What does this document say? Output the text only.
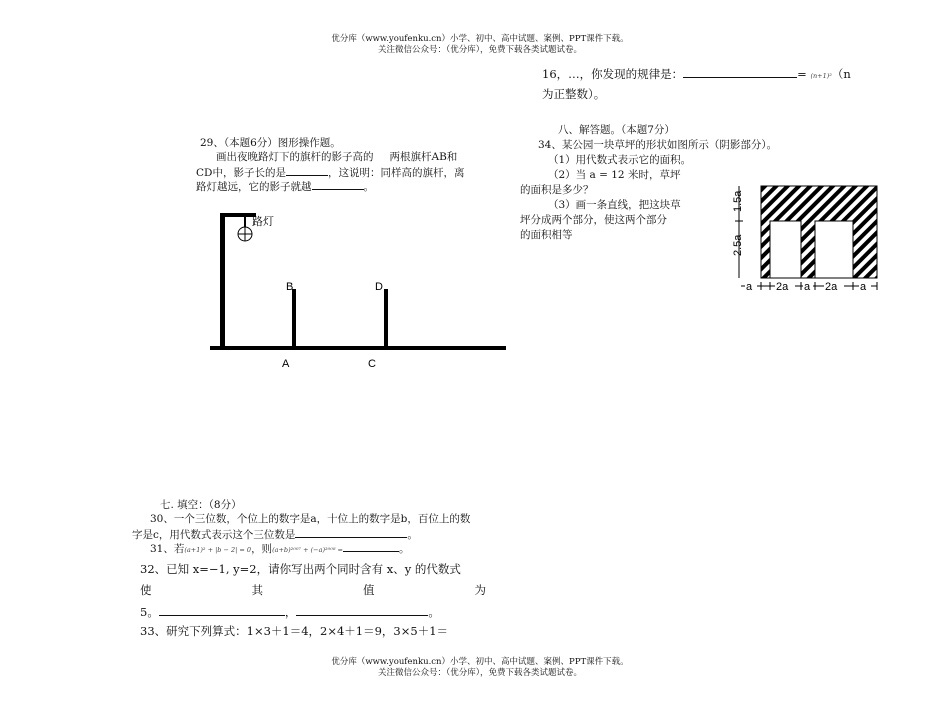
优分库（www.youfenku.cn）小学、初中、高中试题、案例、PPT课件下载。
关注微信公众号：（优分库），免费下载各类试题试卷。
29、（本题6分）图形操作题。
画出夜晚路灯下的旗杆的影子高的 两根旗杆AB和
CD中，影子长的是	，这说明：同样高的旗杆，离
路灯越远，它的影子就越	。
路灯
B	D
A	C
七. 填空：（8分）
30、一个三位数，个位上的数字是a，十位上的数字是b，百位上的数
字是c，用代数式表示这个三位数是	。
31、若(a+1)² + |b − 2| = 0，则(a+b)²⁰⁰⁷ + (−a)²⁰⁰⁸ =	。
32、已知 x=−1, y=2，请你写出两个同时含有 x、y 的代数式
使	其	值	为
5。	，	。
33、研究下列算式：1×3＋1＝4，2×4＋1＝9，3×5＋1＝
16，…，你发现的规律是：	= (n+1)²（n
为正整数）。
八、解答题。（本题7分）
34、某公园一块草坪的形状如图所示（阴影部分）。
（1）用代数式表示它的面积。
（2）当 a = 12 米时，草坪
的面积是多少？
（3）画一条直线，把这块草
坪分成两个部分，使这两个部分
的面积相等
1.5a
2.5a
a 2a a 2a a
优分库（www.youfenku.cn）小学、初中、高中试题、案例、PPT课件下载。
关注微信公众号：（优分库），免费下载各类试题试卷。
